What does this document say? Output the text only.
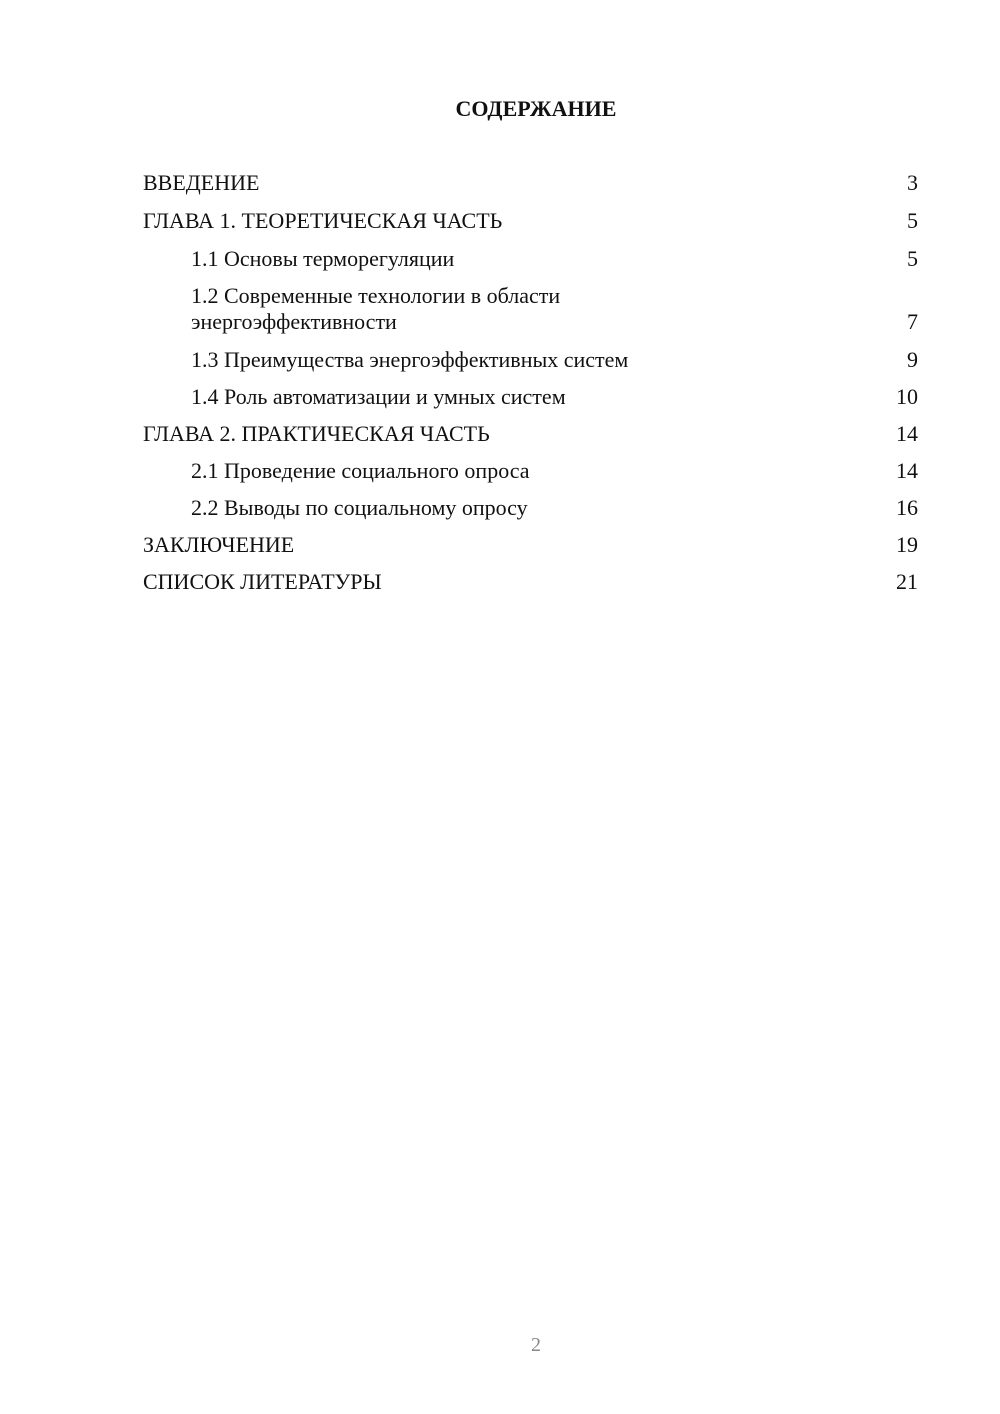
СОДЕРЖАНИЕ
2
ВВЕДЕНИЕ	3
ГЛАВА 1. ТЕОРЕТИЧЕСКАЯ ЧАСТЬ	5
1.1 Основы терморегуляции	5
1.2 Современные технологии в области
энергоэффективности	7
1.3 Преимущества энергоэффективных систем	9
1.4 Роль автоматизации и умных систем	10
ГЛАВА 2. ПРАКТИЧЕСКАЯ ЧАСТЬ	14
2.1 Проведение социального опроса	14
2.2 Выводы по социальному опросу	16
ЗАКЛЮЧЕНИЕ	19
СПИСОК ЛИТЕРАТУРЫ	21
